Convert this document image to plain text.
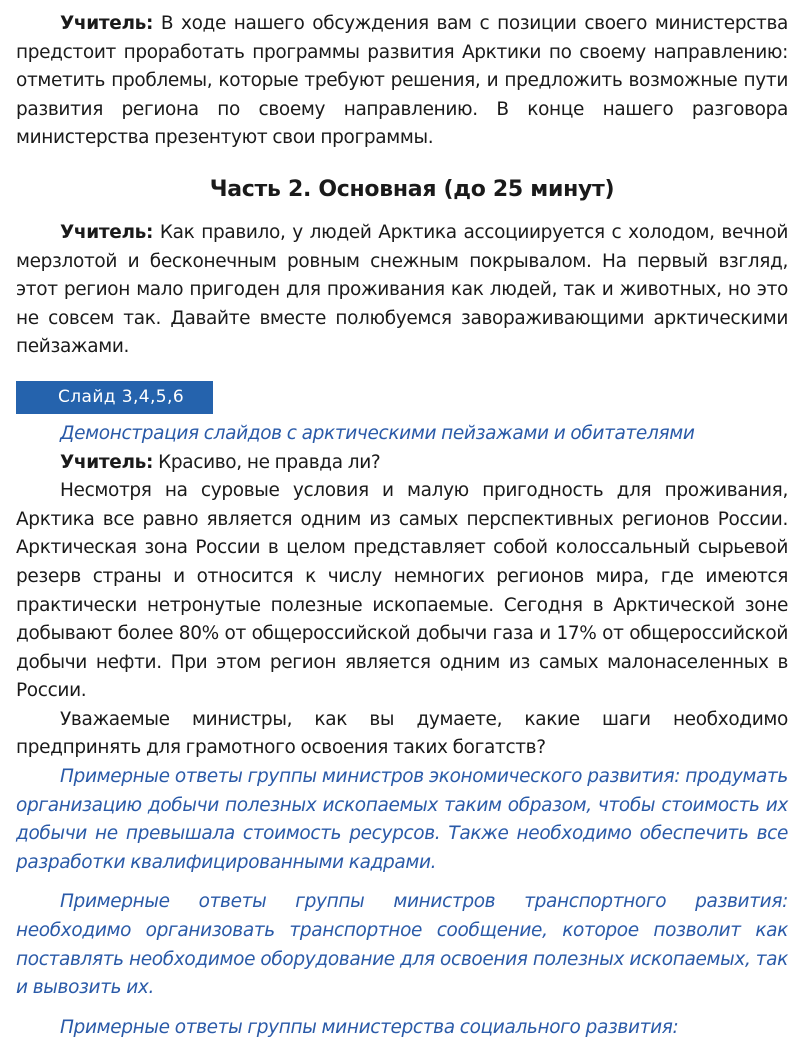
Учитель: В ходе нашего обсуждения вам с позиции своего министерства предстоит проработать программы развития Арктики по своему направлению: отметить проблемы, которые требуют решения, и предложить возможные пути развития региона по своему направлению. В конце нашего разговора министерства презентуют свои программы.

Часть 2. Основная (до 25 минут)

Учитель: Как правило, у людей Арктика ассоциируется с холодом, вечной мерзлотой и бесконечным ровным снежным покрывалом. На первый взгляд, этот регион мало пригоден для проживания как людей, так и животных, но это не совсем так. Давайте вместе полюбуемся завораживающими арктическими пейзажами.

Слайд 3,4,5,6

Демонстрация слайдов с арктическими пейзажами и обитателями

Учитель: Красиво, не правда ли?

Несмотря на суровые условия и малую пригодность для проживания, Арктика все равно является одним из самых перспективных регионов России. Арктическая зона России в целом представляет собой колоссальный сырьевой резерв страны и относится к числу немногих регионов мира, где имеются практически нетронутые полезные ископаемые. Сегодня в Арктической зоне добывают более 80% от общероссийской добычи газа и 17% от общероссийской добычи нефти. При этом регион является одним из самых малонаселенных в России.

Уважаемые министры, как вы думаете, какие шаги необходимо предпринять для грамотного освоения таких богатств?

Примерные ответы группы министров экономического развития: продумать организацию добычи полезных ископаемых таким образом, чтобы стоимость их добычи не превышала стоимость ресурсов. Также необходимо обеспечить все разработки квалифицированными кадрами.

Примерные ответы группы министров транспортного развития: необходимо организовать транспортное сообщение, которое позволит как поставлять необходимое оборудование для освоения полезных ископаемых, так и вывозить их.

Примерные ответы группы министерства социального развития:
